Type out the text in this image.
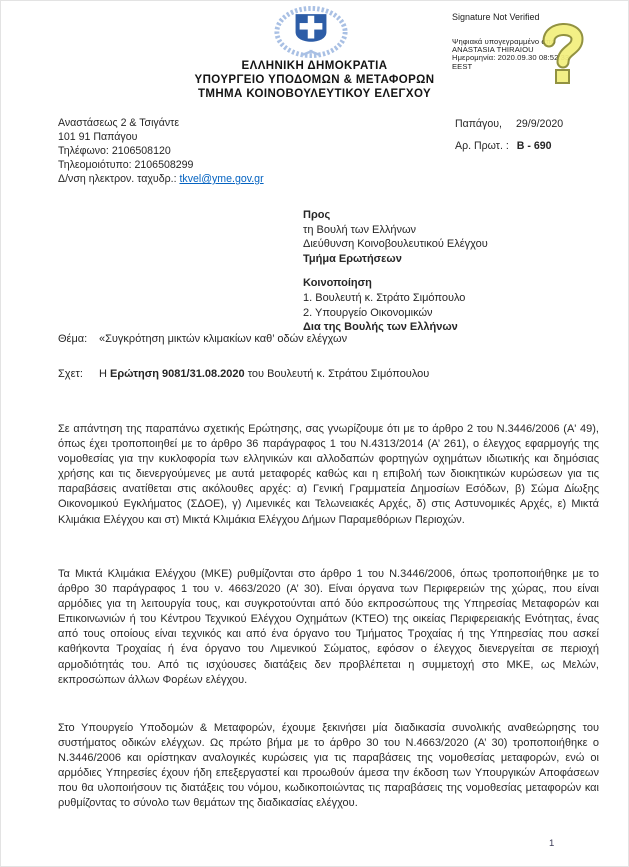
Signature Not Verified
Ψηφιακά υπογεγραμμένο από
ANASTASIA THIRAIOU
Ημερομηνία: 2020.09.30 08:52:33
EEST
ΕΛΛΗΝΙΚΗ ΔΗΜΟΚΡΑΤΙΑ
ΥΠΟΥΡΓΕΙΟ ΥΠΟΔΟΜΩΝ & ΜΕΤΑΦΟΡΩΝ
ΤΜΗΜΑ ΚΟΙΝΟΒΟΥΛΕΥΤΙΚΟΥ ΕΛΕΓΧΟΥ
Αναστάσεως 2 & Τσιγάντε
101 91 Παπάγου
Τηλέφωνο: 2106508120
Τηλεομοιότυπο: 2106508299
Δ/νση ηλεκτρον. ταχυδρ.: tkvel@yme.gov.gr
Παπάγου, 29/9/2020
Αρ. Πρωτ. : Β - 690
Προς
τη Βουλή των Ελλήνων
Διεύθυνση Κοινοβουλευτικού Ελέγχου
Τμήμα Ερωτήσεων
Κοινοποίηση
1. Βουλευτή κ. Στράτο Σιμόπουλο
2. Υπουργείο Οικονομικών
Δια της Βουλής των Ελλήνων
Θέμα: «Συγκρότηση μικτών κλιμακίων καθ’ οδών ελέγχων
Σχετ: Η Ερώτηση 9081/31.08.2020 του Βουλευτή κ. Στράτου Σιμόπουλου

Σε απάντηση της παραπάνω σχετικής Ερώτησης, σας γνωρίζουμε ότι με το άρθρο 2 του Ν.3446/2006 (Α' 49), όπως έχει τροποποιηθεί με το άρθρο 36 παράγραφος 1 του Ν.4313/2014 (Α’ 261), ο έλεγχος εφαρμογής της νομοθεσίας για την κυκλοφορία των ελληνικών και αλλοδαπών φορτηγών οχημάτων ιδιωτικής και δημόσιας χρήσης και τις διενεργούμενες με αυτά μεταφορές καθώς και η επιβολή των διοικητικών κυρώσεων για τις παραβάσεις ανατίθεται στις ακόλουθες αρχές: α) Γενική Γραμματεία Δημοσίων Εσόδων, β) Σώμα Δίωξης Οικονομικού Εγκλήματος (ΣΔΟΕ), γ) Λιμενικές και Τελωνειακές Αρχές, δ) στις Αστυνομικές Αρχές, ε) Μικτά Κλιμάκια Ελέγχου και στ) Μικτά Κλιμάκια Ελέγχου Δήμων Παραμεθόριων Περιοχών.

Τα Μικτά Κλιμάκια Ελέγχου (ΜΚΕ) ρυθμίζονται στο άρθρο 1 του Ν.3446/2006, όπως τροποποιήθηκε με το άρθρο 30 παράγραφος 1 του ν. 4663/2020 (Α’ 30). Είναι όργανα των Περιφερειών της χώρας, που είναι αρμόδιες για τη λειτουργία τους, και συγκροτούνται από δύο εκπροσώπους της Υπηρεσίας Μεταφορών και Επικοινωνιών ή του Κέντρου Τεχνικού Ελέγχου Οχημάτων (ΚΤΕΟ) της οικείας Περιφερειακής Ενότητας, ένας από τους οποίους είναι τεχνικός και από ένα όργανο του Τμήματος Τροχαίας ή της Υπηρεσίας που ασκεί καθήκοντα Τροχαίας ή ένα όργανο του Λιμενικού Σώματος, εφόσον ο έλεγχος διενεργείται σε περιοχή αρμοδιότητάς του. Από τις ισχύουσες διατάξεις δεν προβλέπεται η συμμετοχή στο ΜΚΕ, ως Μελών, εκπροσώπων άλλων Φορέων ελέγχου.

Στο Υπουργείο Υποδομών & Μεταφορών, έχουμε ξεκινήσει μία διαδικασία συνολικής αναθεώρησης του συστήματος οδικών ελέγχων. Ως πρώτο βήμα με το άρθρο 30 του Ν.4663/2020 (Α’ 30) τροποποιήθηκε ο Ν.3446/2006 και ορίστηκαν αναλογικές κυρώσεις για τις παραβάσεις της νομοθεσίας μεταφορών, ενώ οι αρμόδιες Υπηρεσίες έχουν ήδη επεξεργαστεί και προωθούν άμεσα την έκδοση των Υπουργικών Αποφάσεων που θα υλοποιήσουν τις διατάξεις του νόμου, κωδικοποιώντας τις παραβάσεις της νομοθεσίας μεταφορών και ρυθμίζοντας το σύνολο των θεμάτων της διαδικασίας ελέγχου.

1
